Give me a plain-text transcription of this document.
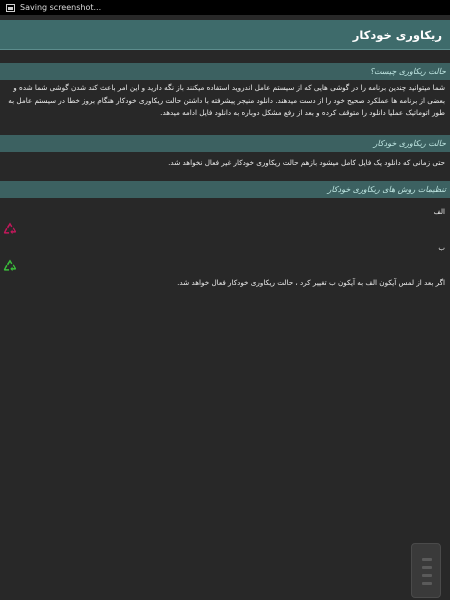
Saving screenshot...
ریکاوری خودکار
حالت ریکاوری چیست؟
شما میتوانید چندین برنامه را در گوشی هایی که از سیستم عامل اندروید استفاده میکنند باز نگه دارید و این امر باعث کند شدن گوشی شما شده و بعضی از برنامه ها عملکرد صحیح خود را از دست میدهند. دانلود منیجر پیشرفته با داشتن حالت ریکاوری خودکار هنگام بروز خطا در سیستم عامل به طور اتوماتیک عملیا دانلود را متوقف کرده و بعد از رفع مشکل دوباره به دانلود فایل ادامه میدهد.
حالت ریکاوری خودکار
حتی زمانی که دانلود یک فایل کامل میشود بازهم حالت ریکاوری خودکار غیر فعال نخواهد شد.
تنظیمات روش های ریکاوری خودکار
الف
ب
اگر بعد از لمس آیکون الف به آیکون ب تغییر کرد ، حالت ریکاوری خودکار فعال خواهد شد.
